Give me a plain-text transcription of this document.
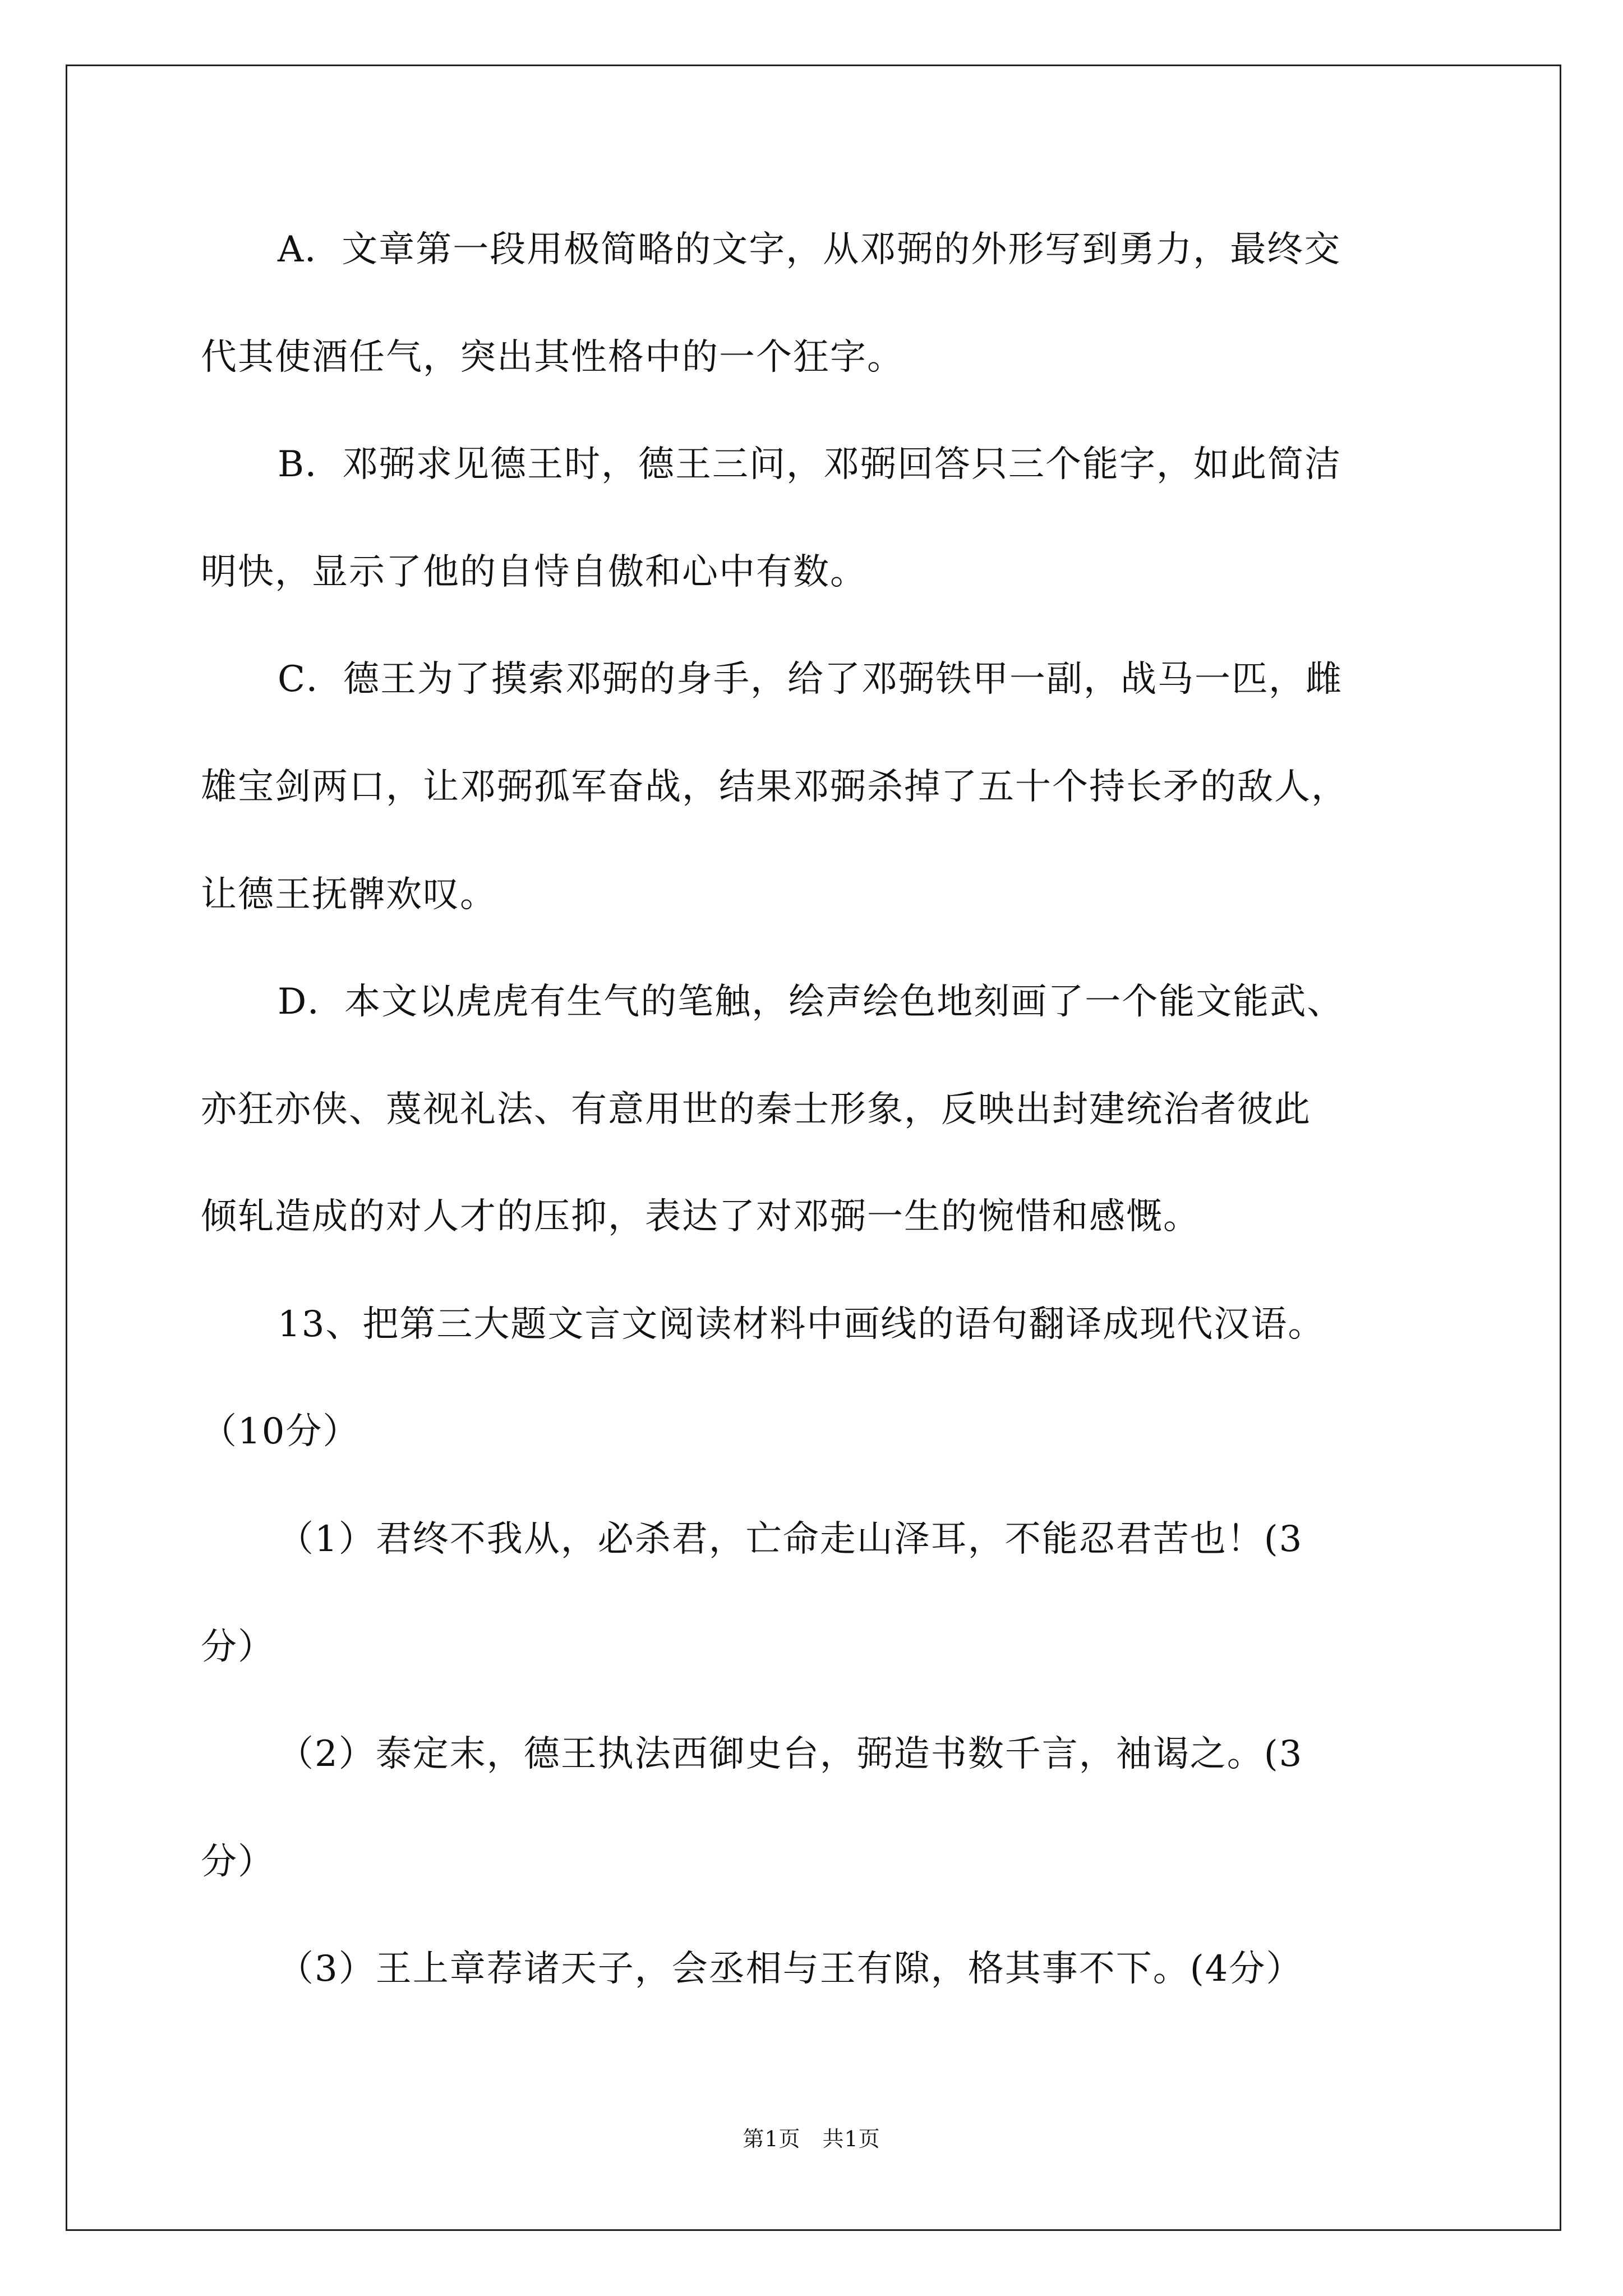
A．文章第一段用极简略的文字，从邓弼的外形写到勇力，最终交
代其使酒任气，突出其性格中的一个狂字。
B．邓弼求见德王时，德王三问，邓弼回答只三个能字，如此简洁
明快，显示了他的自恃自傲和心中有数。
C．德王为了摸索邓弼的身手，给了邓弼铁甲一副，战马一匹，雌
雄宝剑两口，让邓弼孤军奋战，结果邓弼杀掉了五十个持长矛的敌人，
让德王抚髀欢叹。
D．本文以虎虎有生气的笔触，绘声绘色地刻画了一个能文能武、
亦狂亦侠、蔑视礼法、有意用世的秦士形象，反映出封建统治者彼此
倾轧造成的对人才的压抑，表达了对邓弼一生的惋惜和感慨。
13、把第三大题文言文阅读材料中画线的语句翻译成现代汉语。
（10分）
（1）君终不我从，必杀君，亡命走山泽耳，不能忍君苦也！(3
分）
（2）泰定末，德王执法西御史台，弼造书数千言，袖谒之。(3
分）
（3）王上章荐诸天子，会丞相与王有隙，格其事不下。(4分）
第1页　共1页
